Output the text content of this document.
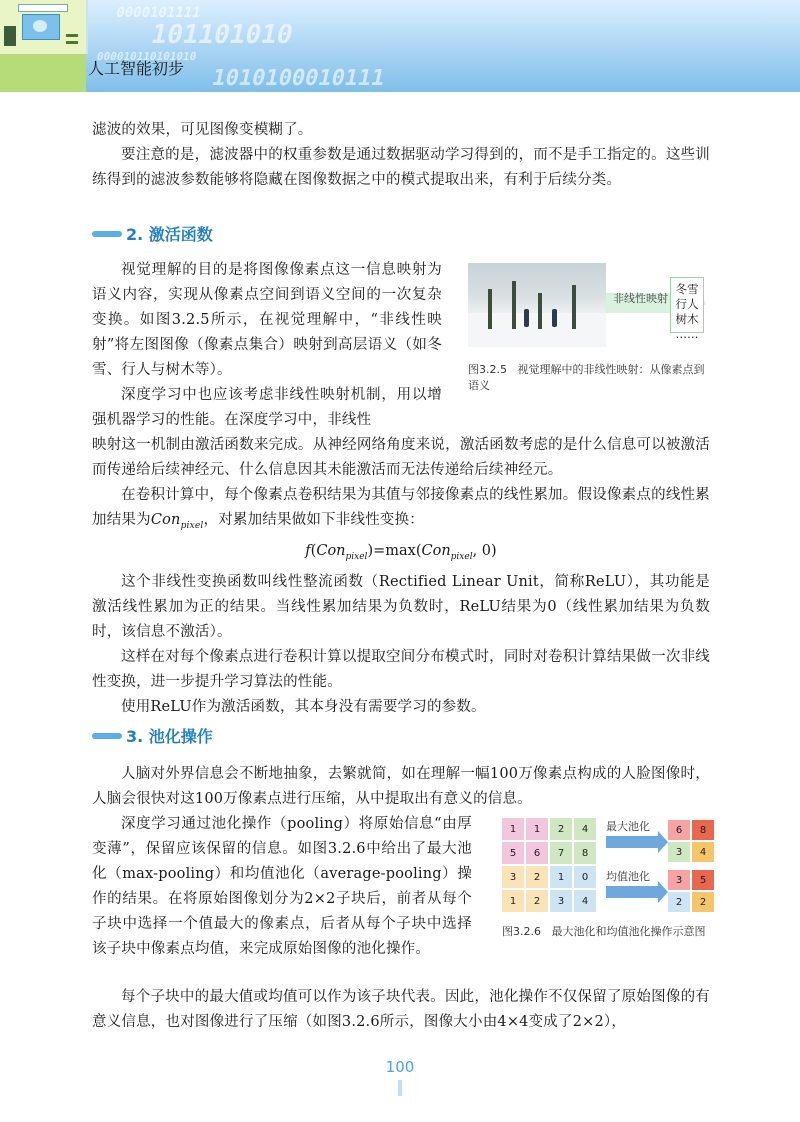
0000101111
101101010
000010110101010
1010100010111
人工智能初步

滤波的效果，可见图像变模糊了。

要注意的是，滤波器中的权重参数是通过数据驱动学习得到的，而不是手工指定的。这些训练得到的滤波参数能够将隐藏在图像数据之中的模式提取出来，有利于后续分类。

2. 激活函数

视觉理解的目的是将图像像素点这一信息映射为语义内容，实现从像素点空间到语义空间的一次复杂变换。如图3.2.5所示，在视觉理解中，“非线性映射”将左图图像（像素点集合）映射到高层语义（如冬雪、行人与树木等）。

深度学习中也应该考虑非线性映射机制，用以增强机器学习的性能。在深度学习中，非线性

非线性映射
冬雪
行人
树木
……
图3.2.5 视觉理解中的非线性映射：从像素点到语义

映射这一机制由激活函数来完成。从神经网络角度来说，激活函数考虑的是什么信息可以被激活而传递给后续神经元、什么信息因其未能激活而无法传递给后续神经元。

在卷积计算中，每个像素点卷积结果为其值与邻接像素点的线性累加。假设像素点的线性累加结果为Con$_{pixel}$，对累加结果做如下非线性变换：

f(Con$_{pixel}$)=max(Con$_{pixel}$, 0)

这个非线性变换函数叫线性整流函数（Rectified Linear Unit，简称ReLU），其功能是激活线性累加为正的结果。当线性累加结果为负数时，ReLU结果为0（线性累加结果为负数时，该信息不激活）。

这样在对每个像素点进行卷积计算以提取空间分布模式时，同时对卷积计算结果做一次非线性变换，进一步提升学习算法的性能。

使用ReLU作为激活函数，其本身没有需要学习的参数。

3. 池化操作

人脑对外界信息会不断地抽象，去繁就简，如在理解一幅100万像素点构成的人脸图像时，人脑会很快对这100万像素点进行压缩，从中提取出有意义的信息。

深度学习通过池化操作（pooling）将原始信息“由厚变薄”，保留应该保留的信息。如图3.2.6中给出了最大池化（max-pooling）和均值池化（average-pooling）操作的结果。在将原始图像划分为2×2子块后，前者从每个子块中选择一个值最大的像素点，后者从每个子块中选择该子块中像素点均值，来完成原始图像的池化操作。

1	1	2	4
5	6	7	8
3	2	1	0
1	2	3	4
最大池化	6	8
3	4
均值池化	3	5
2	2
图3.2.6 最大池化和均值池化操作示意图

每个子块中的最大值或均值可以作为该子块代表。因此，池化操作不仅保留了原始图像的有意义信息，也对图像进行了压缩（如图3.2.6所示，图像大小由4×4变成了2×2），

100
